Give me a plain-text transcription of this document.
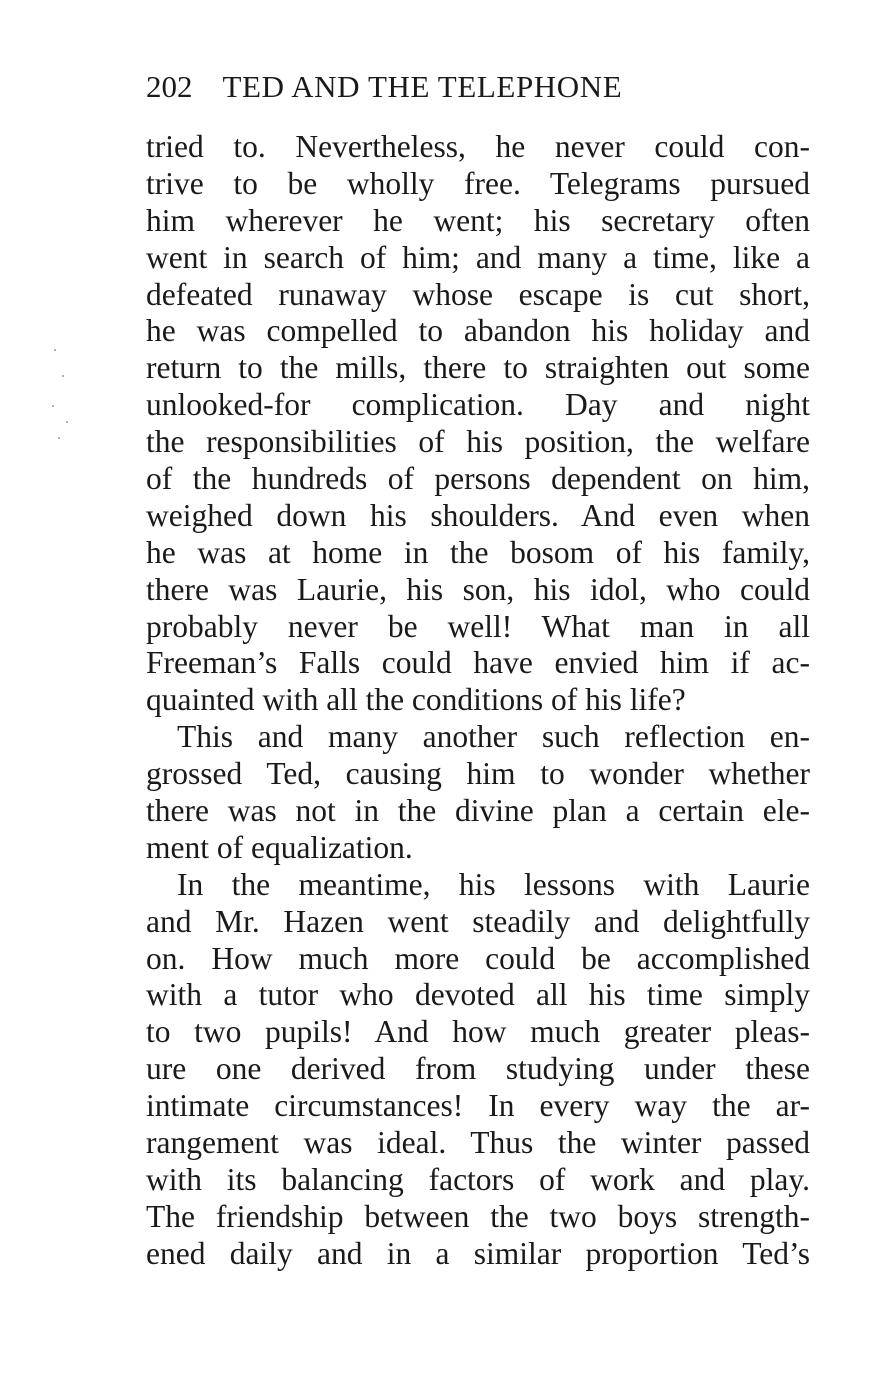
202 TED AND THE TELEPHONE
tried to. Nevertheless, he never could con-
trive to be wholly free. Telegrams pursued
him wherever he went; his secretary often
went in search of him; and many a time, like a
defeated runaway whose escape is cut short,
he was compelled to abandon his holiday and
return to the mills, there to straighten out some
unlooked-for complication. Day and night
the responsibilities of his position, the welfare
of the hundreds of persons dependent on him,
weighed down his shoulders. And even when
he was at home in the bosom of his family,
there was Laurie, his son, his idol, who could
probably never be well! What man in all
Freeman’s Falls could have envied him if ac-
quainted with all the conditions of his life?
This and many another such reflection en-
grossed Ted, causing him to wonder whether
there was not in the divine plan a certain ele-
ment of equalization.
In the meantime, his lessons with Laurie
and Mr. Hazen went steadily and delightfully
on. How much more could be accomplished
with a tutor who devoted all his time simply
to two pupils! And how much greater pleas-
ure one derived from studying under these
intimate circumstances! In every way the ar-
rangement was ideal. Thus the winter passed
with its balancing factors of work and play.
The friendship between the two boys strength-
ened daily and in a similar proportion Ted’s
